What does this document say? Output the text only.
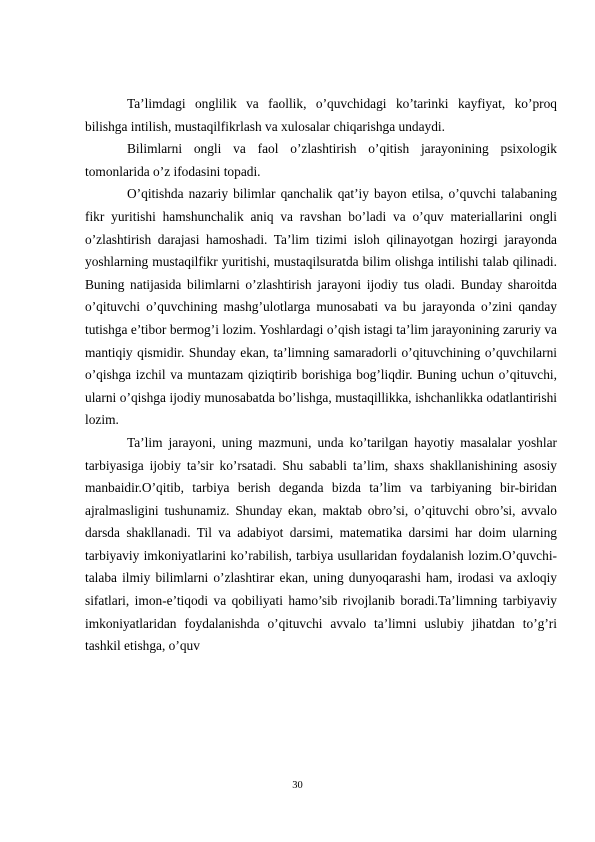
Ta’limdagi onglilik va faollik, o’quvchidagi ko’tarinki kayfiyat, ko’proq bilishga intilish, mustaqilfikrlash va xulosalar chiqarishga undaydi.

Bilimlarni ongli va faol o’zlashtirish o’qitish jarayonining psixologik tomonlarida o’z ifodasini topadi.

O’qitishda nazariy bilimlar qanchalik qat’iy bayon etilsa, o’quvchi talabaning fikr yuritishi hamshunchalik aniq va ravshan bo’ladi va o’quv materiallarini ongli o’zlashtirish darajasi hamoshadi. Ta’lim tizimi isloh qilinayotgan hozirgi jarayonda yoshlarning mustaqilfikr yuritishi, mustaqilsuratda bilim olishga intilishi talab qilinadi. Buning natijasida bilimlarni o’zlashtirish jarayoni ijodiy tus oladi. Bunday sharoitda o’qituvchi o’quvchining mashg’ulotlarga munosabati va bu jarayonda o’zini qanday tutishga e’tibor bermog’i lozim. Yoshlardagi o’qish istagi ta’lim jarayonining zaruriy va mantiqiy qismidir. Shunday ekan, ta’limning samaradorli o’qituvchining o’quvchilarni o’qishga izchil va muntazam qiziqtirib borishiga bog’liqdir. Buning uchun o’qituvchi, ularni o’qishga ijodiy munosabatda bo’lishga, mustaqillikka, ishchanlikka odatlantirishi lozim.

Ta’lim jarayoni, uning mazmuni, unda ko’tarilgan hayotiy masalalar yoshlar tarbiyasiga ijobiy ta’sir ko’rsatadi. Shu sababli ta’lim, shaxs shakllanishining asosiy manbaidir.O’qitib, tarbiya berish deganda bizda ta’lim va tarbiyaning bir-biridan ajralmasligini tushunamiz. Shunday ekan, maktab obro’si, o’qituvchi obro’si, avvalo darsda shakllanadi. Til va adabiyot darsimi, matematika darsimi har doim ularning tarbiyaviy imkoniyatlarini ko’rabilish, tarbiya usullaridan foydalanish lozim.O’quvchi-talaba ilmiy bilimlarni o’zlashtirar ekan, uning dunyoqarashi ham, irodasi va axloqiy sifatlari, imon-e’tiqodi va qobiliyati hamo’sib rivojlanib boradi.Ta’limning tarbiyaviy imkoniyatlaridan foydalanishda o’qituvchi avvalo ta’limni uslubiy jihatdan to’g’ri tashkil etishga, o’quv

30
